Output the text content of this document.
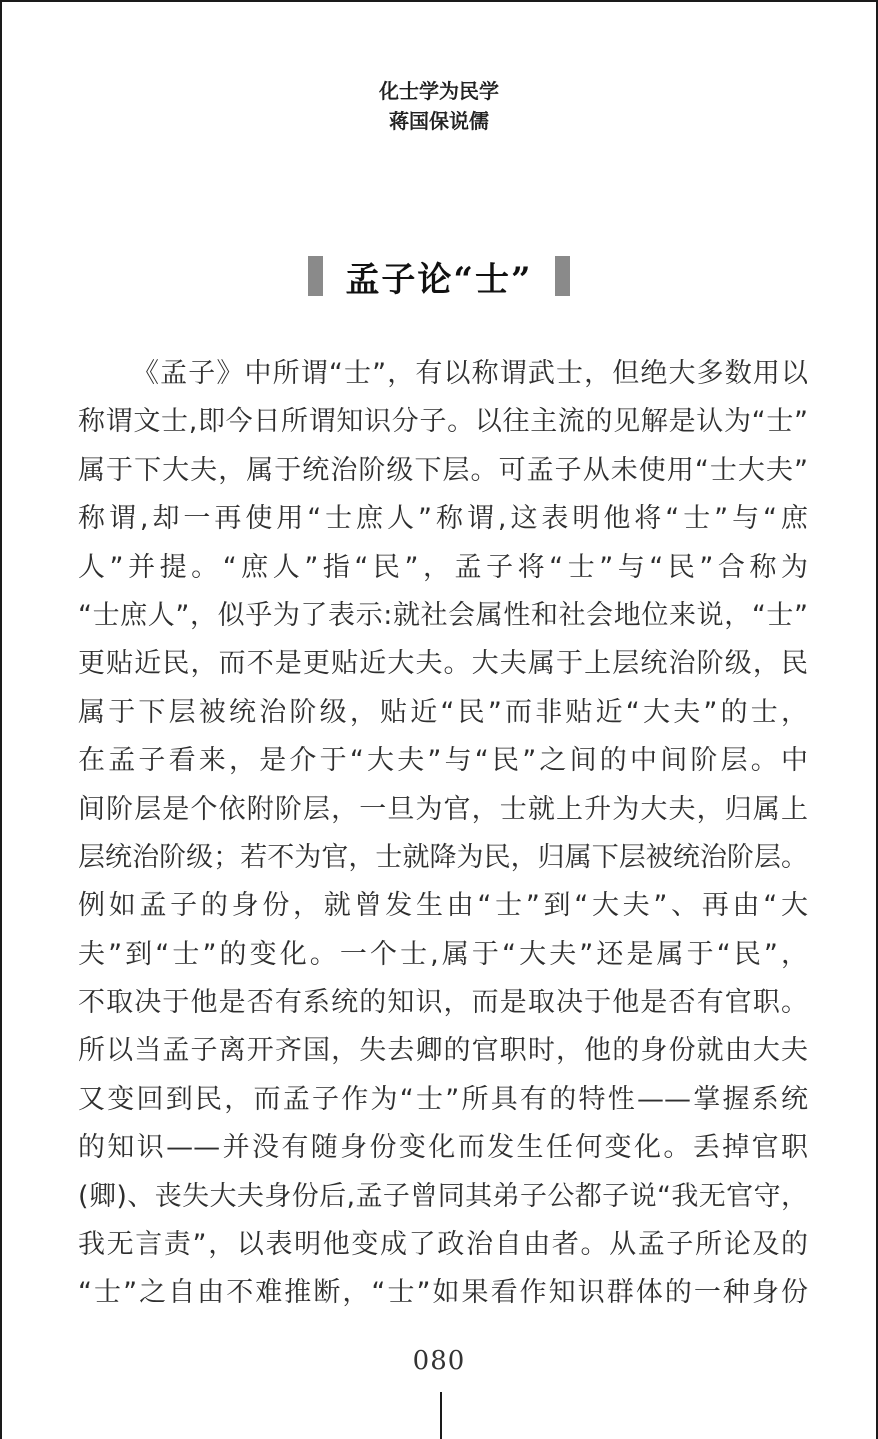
化士学为民学
蒋国保说儒
孟子论“士”
《孟子》中所谓“士”，有以称谓武士，但绝大多数用以
称谓文士,即今日所谓知识分子。以往主流的见解是认为“士”
属于下大夫，属于统治阶级下层。可孟子从未使用“士大夫”
称谓,却一再使用“士庶人”称谓,这表明他将“士”与“庶
人”并提。“庶人”指“民”，孟子将“士”与“民”合称为
“士庶人”，似乎为了表示:就社会属性和社会地位来说，“士”
更贴近民，而不是更贴近大夫。大夫属于上层统治阶级，民
属于下层被统治阶级，贴近“民”而非贴近“大夫”的士，
在孟子看来，是介于“大夫”与“民”之间的中间阶层。中
间阶层是个依附阶层，一旦为官，士就上升为大夫，归属上
层统治阶级；若不为官，士就降为民，归属下层被统治阶层。
例如孟子的身份，就曾发生由“士”到“大夫”、再由“大
夫”到“士”的变化。一个士,属于“大夫”还是属于“民”，
不取决于他是否有系统的知识，而是取决于他是否有官职。
所以当孟子离开齐国，失去卿的官职时，他的身份就由大夫
又变回到民，而孟子作为“士”所具有的特性——掌握系统
的知识——并没有随身份变化而发生任何变化。丢掉官职
(卿)、丧失大夫身份后,孟子曾同其弟子公都子说“我无官守，
我无言责”，以表明他变成了政治自由者。从孟子所论及的
“士”之自由不难推断，“士”如果看作知识群体的一种身份
080
